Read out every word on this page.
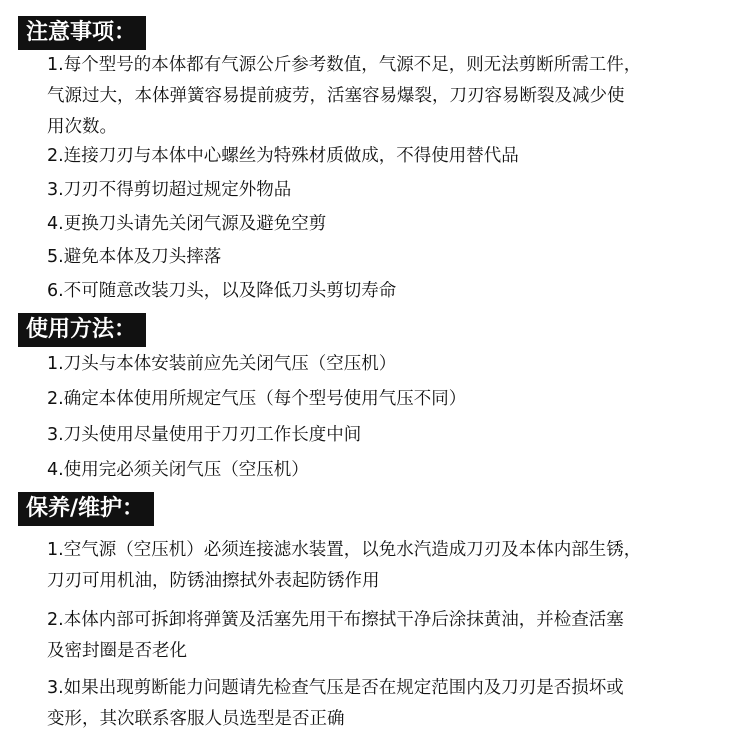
注意事项：
1.每个型号的本体都有气源公斤参考数值，气源不足，则无法剪断所需工件，
气源过大，本体弹簧容易提前疲劳，活塞容易爆裂，刀刃容易断裂及减少使
用次数。
2.连接刀刃与本体中心螺丝为特殊材质做成，不得使用替代品
3.刀刃不得剪切超过规定外物品
4.更换刀头请先关闭气源及避免空剪
5.避免本体及刀头摔落
6.不可随意改装刀头，以及降低刀头剪切寿命
使用方法：
1.刀头与本体安装前应先关闭气压（空压机）
2.确定本体使用所规定气压（每个型号使用气压不同）
3.刀头使用尽量使用于刀刃工作长度中间
4.使用完必须关闭气压（空压机）
保养/维护：
1.空气源（空压机）必须连接滤水装置，以免水汽造成刀刃及本体内部生锈，
刀刃可用机油，防锈油擦拭外表起防锈作用
2.本体内部可拆卸将弹簧及活塞先用干布擦拭干净后涂抹黄油，并检查活塞
及密封圈是否老化
3.如果出现剪断能力问题请先检查气压是否在规定范围内及刀刃是否损坏或
变形，其次联系客服人员选型是否正确
